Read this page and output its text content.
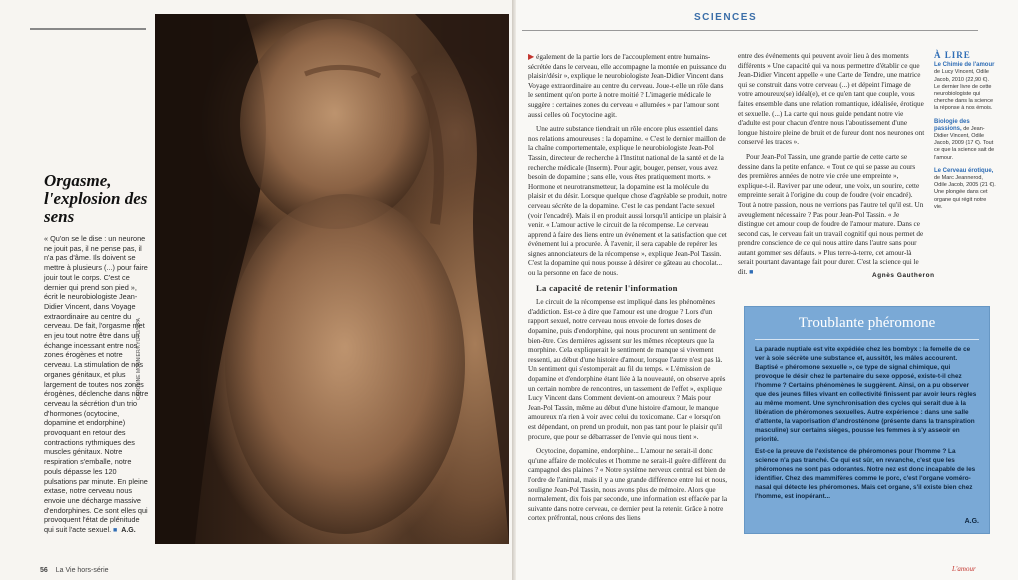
CAROLINE MONNIER/KYOTO/SIPA
Orgasme, l'explosion des sens

« Qu'on se le dise : un neurone ne jouit pas, il ne pense pas, il n'a pas d'âme. Ils doivent se mettre à plusieurs (...) pour faire jouir tout le corps. C'est ce dernier qui prend son pied », écrit le neurobiologiste Jean-Didier Vincent, dans Voyage extraordinaire au centre du cerveau. De fait, l'orgasme met en jeu tout notre être dans un échange incessant entre nos zones érogènes et notre cerveau. La stimulation de nos organes génitaux, et plus largement de toutes nos zones érogènes, déclenche dans notre cerveau la sécrétion d'un trio d'hormones (ocytocine, dopamine et endorphine) provoquant en retour des contractions rythmiques des muscles génitaux. Notre respiration s'emballe, notre pouls dépasse les 120 pulsations par minute. En pleine extase, notre cerveau nous envoie une décharge massive d'endorphines. Ce sont elles qui provoquent l'état de plénitude qui suit l'acte sexuel. ■ A.G.

56 La Vie hors-série
SCIENCES

▶ également de la partie lors de l'accouplement entre humains- sécrétée dans le cerveau, elle accompagne la montée en puissance du plaisir/désir », explique le neurobiologiste Jean-Didier Vincent dans Voyage extraordinaire au centre du cerveau. Joue-t-elle un rôle dans le sentiment qu'on porte à notre moitié ? L'imagerie médicale le suggère : certaines zones du cerveau « allumées » par l'amour sont aussi celles où l'ocytocine agit.

Une autre substance tiendrait un rôle encore plus essentiel dans nos relations amoureuses : la dopamine. « C'est le dernier maillon de la chaîne comportementale, explique le neurobiologiste Jean-Pol Tassin, directeur de recherche à l'Institut national de la santé et de la recherche médicale (Inserm). Pour agir, bouger, penser, vous avez besoin de dopamine ; sans elle, vous êtes pratiquement morts. » Hormone et neurotransmetteur, la dopamine est la molécule du plaisir et du désir. Lorsque quelque chose d'agréable se produit, notre cerveau sécrète de la dopamine. C'est le cas pendant l'acte sexuel (voir l'encadré). Mais il en produit aussi lorsqu'il anticipe un plaisir à venir. « L'amour active le circuit de la récompense. Le cerveau apprend à faire des liens entre un événement et la satisfaction que cet événement lui a procurée. À l'avenir, il sera capable de repérer les signes annonciateurs de la récompense », explique Jean-Pol Tassin. C'est la dopamine qui nous pousse à désirer ce gâteau au chocolat... ou la personne en face de nous.

La capacité de retenir l'information

Le circuit de la récompense est impliqué dans les phénomènes d'addiction. Est-ce à dire que l'amour est une drogue ? Lors d'un rapport sexuel, notre cerveau nous envoie de fortes doses de dopamine, puis d'endorphine, qui nous procurent un sentiment de bien-être. Ces dernières agissent sur les mêmes récepteurs que la morphine. Cela expliquerait le sentiment de manque si vivement ressenti, au début d'une histoire d'amour, lorsque l'autre n'est pas là. Un sentiment qui s'estomperait au fil du temps. « L'émission de dopamine et d'endorphine étant liée à la nouveauté, on observe après un certain nombre de rencontres, un tassement de l'effet », explique Lucy Vincent dans Comment devient-on amoureux ? Mais pour Jean-Pol Tassin, même au début d'une histoire d'amour, le manque amoureux n'a rien à voir avec celui du toxicomane. Car « lorsqu'on est dépendant, on prend un produit, non pas tant pour le plaisir qu'il procure, que pour se débarrasser de l'envie qui nous tient ».

Ocytocine, dopamine, endorphine... L'amour ne serait-il donc qu'une affaire de molécules et l'homme ne serait-il guère différent du campagnol des plaines ? « Notre système nerveux central est bien de l'ordre de l'animal, mais il y a une grande différence entre lui et nous, souligne Jean-Pol Tassin, nous avons plus de mémoire. Alors que normalement, dix fois par seconde, une information est effacée par la suivante dans notre cerveau, ce dernier peut la retenir. Grâce à notre cortex préfrontal, nous créons des liens

entre des événements qui peuvent avoir lieu à des moments différents » Une capacité qui va nous permettre d'établir ce que Jean-Didier Vincent appelle « une Carte de Tendre, une matrice qui se construit dans votre cerveau (...) et dépeint l'image de votre amoureux(se) idéal(e), et ce qu'en tant que couple, vous faites ensemble dans une relation romantique, idéalisée, érotique et sexuelle. (...) La carte qui nous guide pendant notre vie d'adulte est pour chacun d'entre nous l'aboutissement d'une longue histoire pleine de bruit et de fureur dont nos neurones ont conservé les traces ».

Pour Jean-Pol Tassin, une grande partie de cette carte se dessine dans la petite enfance. « Tout ce qui se passe au cours des premières années de notre vie crée une empreinte », explique-t-il. Raviver par une odeur, une voix, un sourire, cette empreinte serait à l'origine du coup de foudre (voir encadré). Tout à notre passion, nous ne verrions pas l'autre tel qu'il est. Un aveuglement nécessaire ? Pas pour Jean-Pol Tassin. « Je distingue cet amour coup de foudre de l'amour mature. Dans ce second cas, le cerveau fait un travail cognitif qui nous permet de prendre conscience de ce qui nous attire dans l'autre sans pour autant gommer ses défauts. » Plus terre-à-terre, cet amour-là serait pourtant davantage fait pour durer. C'est la science qui le dit. ■	Agnès Gautheron
À LIRE
Le Chimie de l'amour de Lucy Vincent, Odile Jacob, 2010 (22,90 €). Le dernier livre de cette neurobiologiste qui cherche dans la science la réponse à nos émois.
Biologie des passions, de Jean-Didier Vincent, Odile Jacob, 2009 (17 €). Tout ce que la science sait de l'amour.
Le Cerveau érotique, de Marc Jeannerod, Odile Jacob, 2005 (21 €). Une plongée dans cet organe qui régit notre vie.
Troublante phéromone

La parade nuptiale est vite expédiée chez les bombyx : la femelle de ce ver à soie sécrète une substance et, aussitôt, les mâles accourent. Baptisé « phéromone sexuelle », ce type de signal chimique, qui provoque le désir chez le partenaire du sexe opposé, existe-t-il chez l'homme ? Certains phénomènes le suggèrent. Ainsi, on a pu observer que des jeunes filles vivant en collectivité finissent par avoir leurs règles au même moment. Une synchronisation des cycles qui serait due à la libération de phéromones sexuelles. Autre expérience : dans une salle d'attente, la vaporisation d'androsténone (présente dans la transpiration masculine) sur certains sièges, pousse les femmes à s'y asseoir en priorité.

Est-ce la preuve de l'existence de phéromones pour l'homme ? La science n'a pas tranché. Ce qui est sûr, en revanche, c'est que les phéromones ne sont pas odorantes. Notre nez est donc incapable de les identifier. Chez des mammifères comme le porc, c'est l'organe voméro-nasal qui détecte les phéromones. Mais cet organe, s'il existe bien chez l'homme, est inopérant...

A.G.
L'amour
